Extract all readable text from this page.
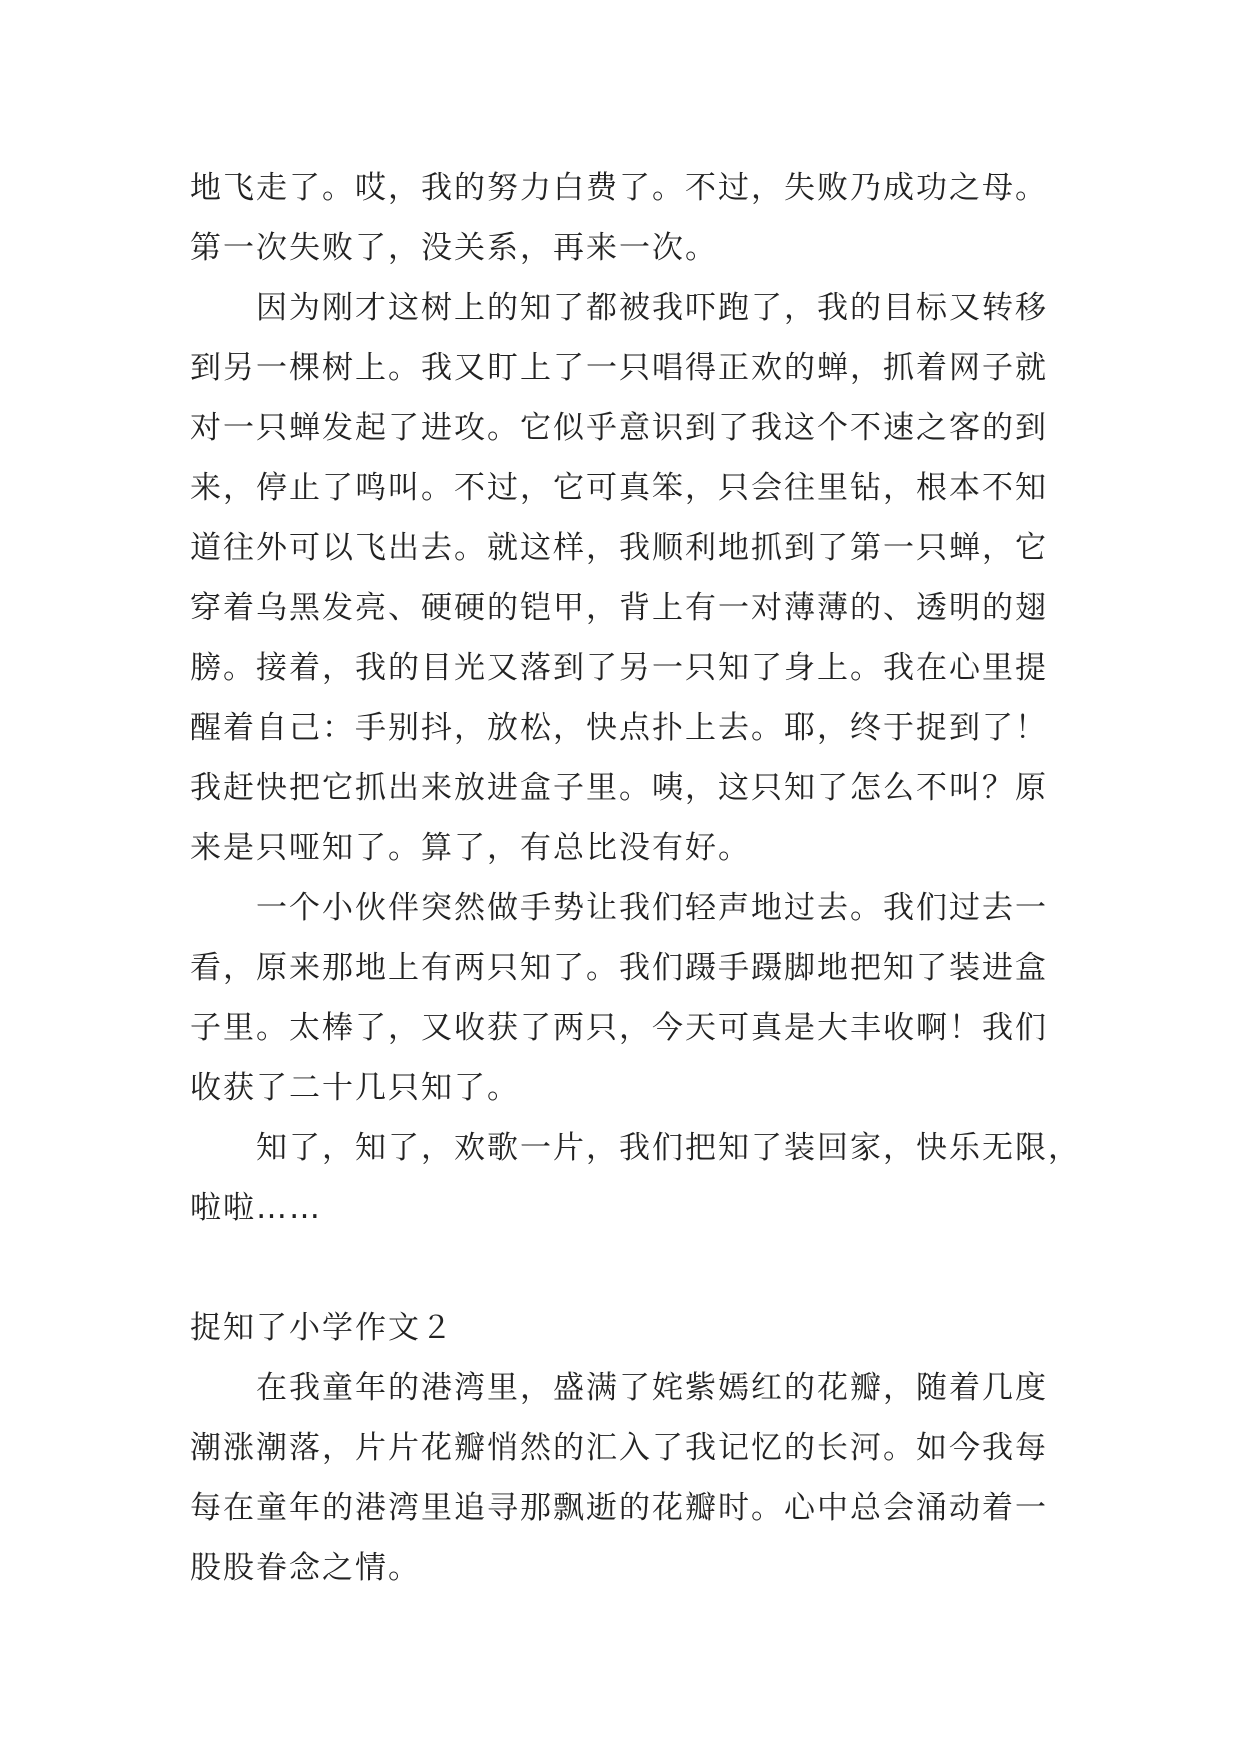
地飞走了。哎，我的努力白费了。不过，失败乃成功之母。
第一次失败了，没关系，再来一次。
因为刚才这树上的知了都被我吓跑了，我的目标又转移
到另一棵树上。我又盯上了一只唱得正欢的蝉，抓着网子就
对一只蝉发起了进攻。它似乎意识到了我这个不速之客的到
来，停止了鸣叫。不过，它可真笨，只会往里钻，根本不知
道往外可以飞出去。就这样，我顺利地抓到了第一只蝉，它
穿着乌黑发亮、硬硬的铠甲，背上有一对薄薄的、透明的翅
膀。接着，我的目光又落到了另一只知了身上。我在心里提
醒着自己：手别抖，放松，快点扑上去。耶，终于捉到了！
我赶快把它抓出来放进盒子里。咦，这只知了怎么不叫？原
来是只哑知了。算了，有总比没有好。
一个小伙伴突然做手势让我们轻声地过去。我们过去一
看，原来那地上有两只知了。我们蹑手蹑脚地把知了装进盒
子里。太棒了，又收获了两只，今天可真是大丰收啊！我们
收获了二十几只知了。
知了，知了，欢歌一片，我们把知了装回家，快乐无限，
啦啦……
捉知了小学作文２
在我童年的港湾里，盛满了姹紫嫣红的花瓣，随着几度
潮涨潮落，片片花瓣悄然的汇入了我记忆的长河。如今我每
每在童年的港湾里追寻那飘逝的花瓣时。心中总会涌动着一
股股眷念之情。
